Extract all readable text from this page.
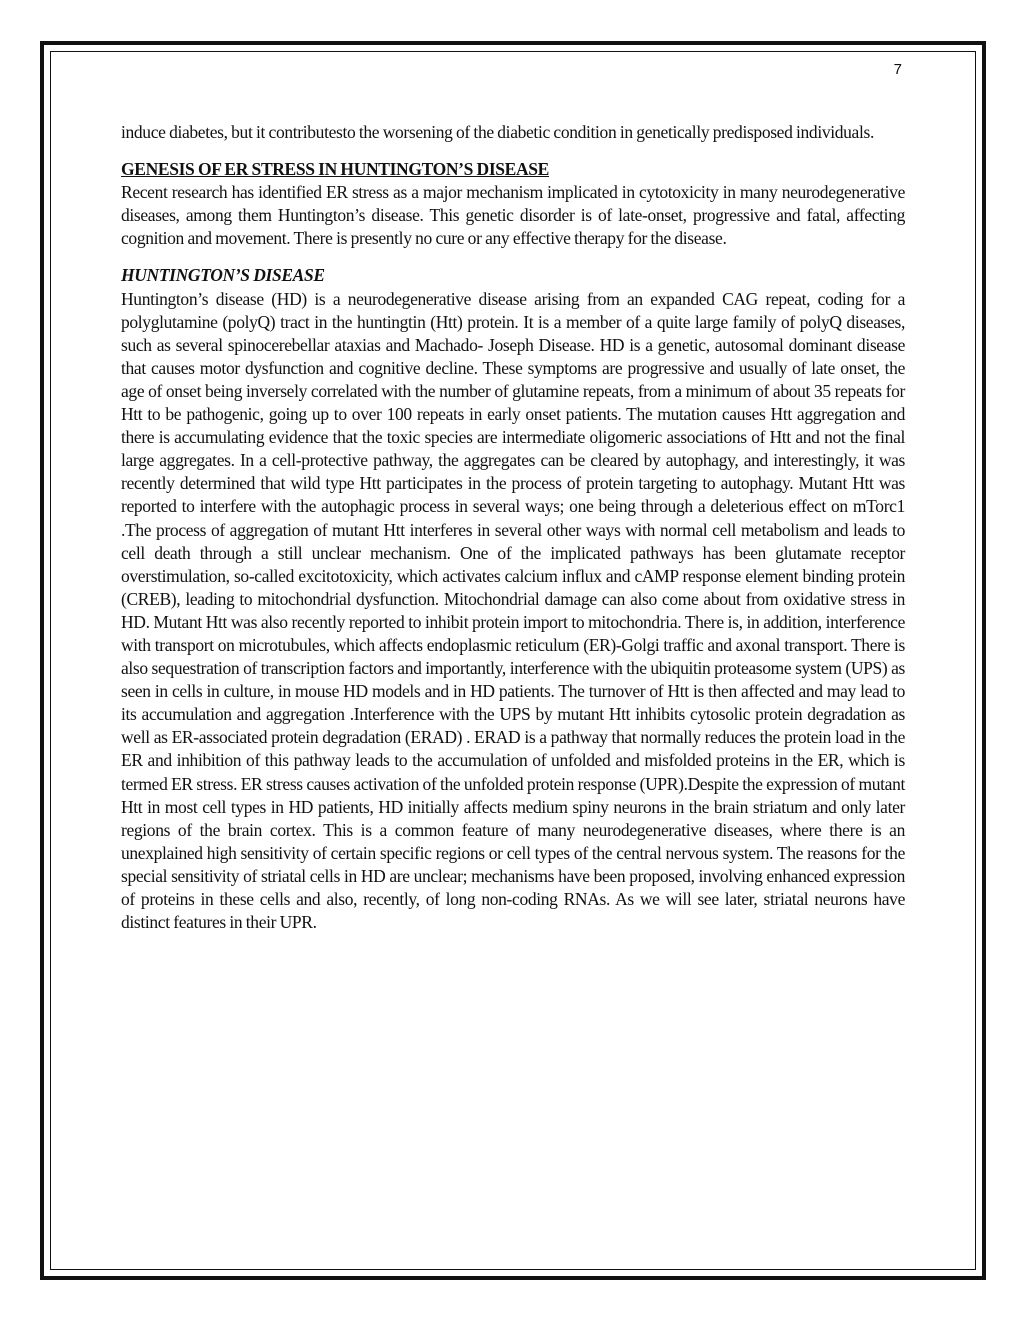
7

induce diabetes, but it contributesto the worsening of the diabetic condition in genetically predisposed individuals.

GENESIS OF ER STRESS IN HUNTINGTON’S DISEASE

Recent research has identified ER stress as a major mechanism implicated in cytotoxicity in many neurodegenerative diseases, among them Huntington’s disease. This genetic disorder is of late-onset, progressive and fatal, affecting cognition and movement. There is presently no cure or any effective therapy for the disease.

HUNTINGTON’S DISEASE

Huntington’s disease (HD) is a neurodegenerative disease arising from an expanded CAG repeat, coding for a polyglutamine (polyQ) tract in the huntingtin (Htt) protein. It is a member of a quite large family of polyQ diseases, such as several spinocerebellar ataxias and Machado- Joseph Disease. HD is a genetic, autosomal dominant disease that causes motor dysfunction and cognitive decline. These symptoms are progressive and usually of late onset, the age of onset being inversely correlated with the number of glutamine repeats, from a minimum of about 35 repeats for Htt to be pathogenic, going up to over 100 repeats in early onset patients. The mutation causes Htt aggregation and there is accumulating evidence that the toxic species are intermediate oligomeric associations of Htt and not the final large aggregates. In a cell-protective pathway, the aggregates can be cleared by autophagy, and interestingly, it was recently determined that wild type Htt participates in the process of protein targeting to autophagy. Mutant Htt was reported to interfere with the autophagic process in several ways; one being through a deleterious effect on mTorc1 .The process of aggregation of mutant Htt interferes in several other ways with normal cell metabolism and leads to cell death through a still unclear mechanism. One of the implicated pathways has been glutamate receptor overstimulation, so-called excitotoxicity, which activates calcium influx and cAMP response element binding protein (CREB), leading to mitochondrial dysfunction. Mitochondrial damage can also come about from oxidative stress in HD. Mutant Htt was also recently reported to inhibit protein import to mitochondria. There is, in addition, interference with transport on microtubules, which affects endoplasmic reticulum (ER)-Golgi traffic and axonal transport. There is also sequestration of transcription factors and importantly, interference with the ubiquitin proteasome system (UPS) as seen in cells in culture, in mouse HD models and in HD patients. The turnover of Htt is then affected and may lead to its accumulation and aggregation .Interference with the UPS by mutant Htt inhibits cytosolic protein degradation as well as ER-associated protein degradation (ERAD) . ERAD is a pathway that normally reduces the protein load in the ER and inhibition of this pathway leads to the accumulation of unfolded and misfolded proteins in the ER, which is termed ER stress. ER stress causes activation of the unfolded protein response (UPR).Despite the expression of mutant Htt in most cell types in HD patients, HD initially affects medium spiny neurons in the brain striatum and only later regions of the brain cortex. This is a common feature of many neurodegenerative diseases, where there is an unexplained high sensitivity of certain specific regions or cell types of the central nervous system. The reasons for the special sensitivity of striatal cells in HD are unclear; mechanisms have been proposed, involving enhanced expression of proteins in these cells and also, recently, of long non-coding RNAs. As we will see later, striatal neurons have distinct features in their UPR.
